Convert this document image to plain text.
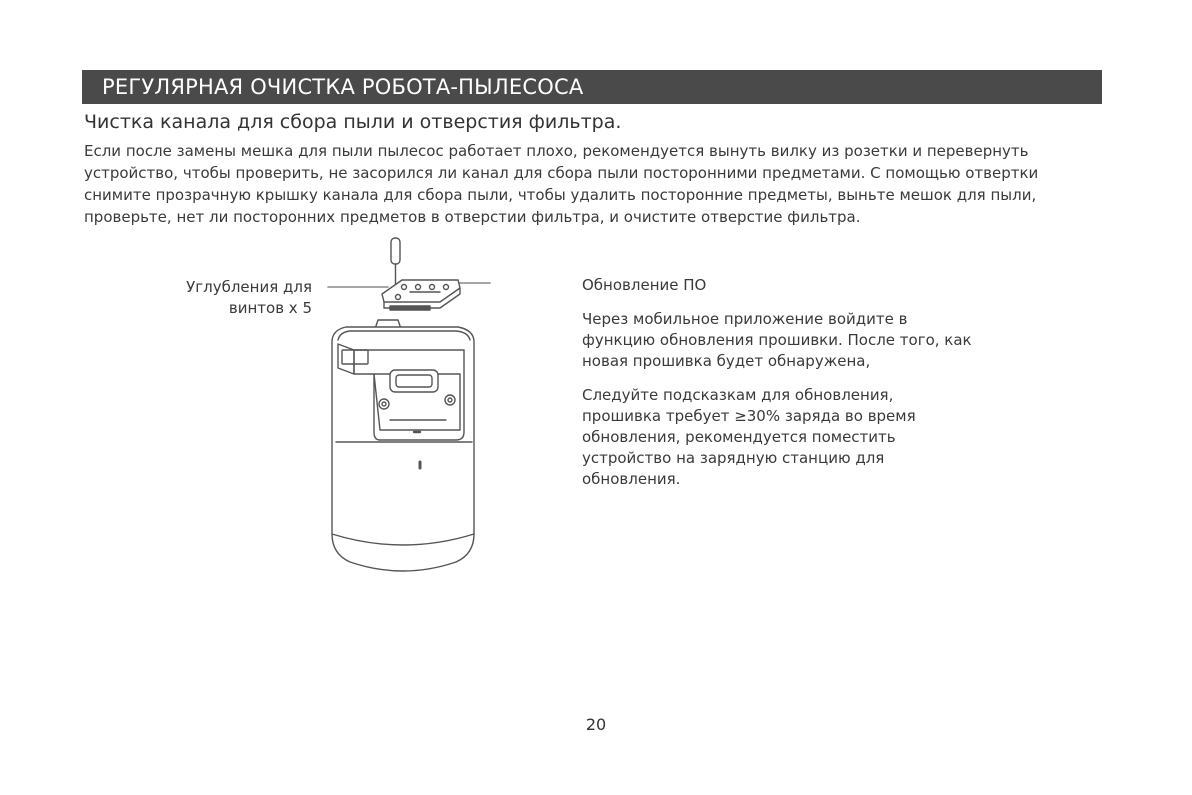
РЕГУЛЯРНАЯ ОЧИСТКА РОБОТА-ПЫЛЕСОСА
Чистка канала для сбора пыли и отверстия фильтра.

Если после замены мешка для пыли пылесос работает плохо, рекомендуется вынуть вилку из розетки и перевернуть

устройство, чтобы проверить, не засорился ли канал для сбора пыли посторонними предметами. С помощью отвертки

снимите прозрачную крышку канала для сбора пыли, чтобы удалить посторонние предметы, выньте мешок для пыли,

проверьте, нет ли посторонних предметов в отверстии фильтра, и очистите отверстие фильтра.

Углубления для

винтов x 5

Обновление ПО

Через мобильное приложение войдите в

функцию обновления прошивки. После того, как

новая прошивка будет обнаружена,

Следуйте подсказкам для обновления,

прошивка требует ≥30% заряда во время

обновления, рекомендуется поместить

устройство на зарядную станцию для

обновления.

20
